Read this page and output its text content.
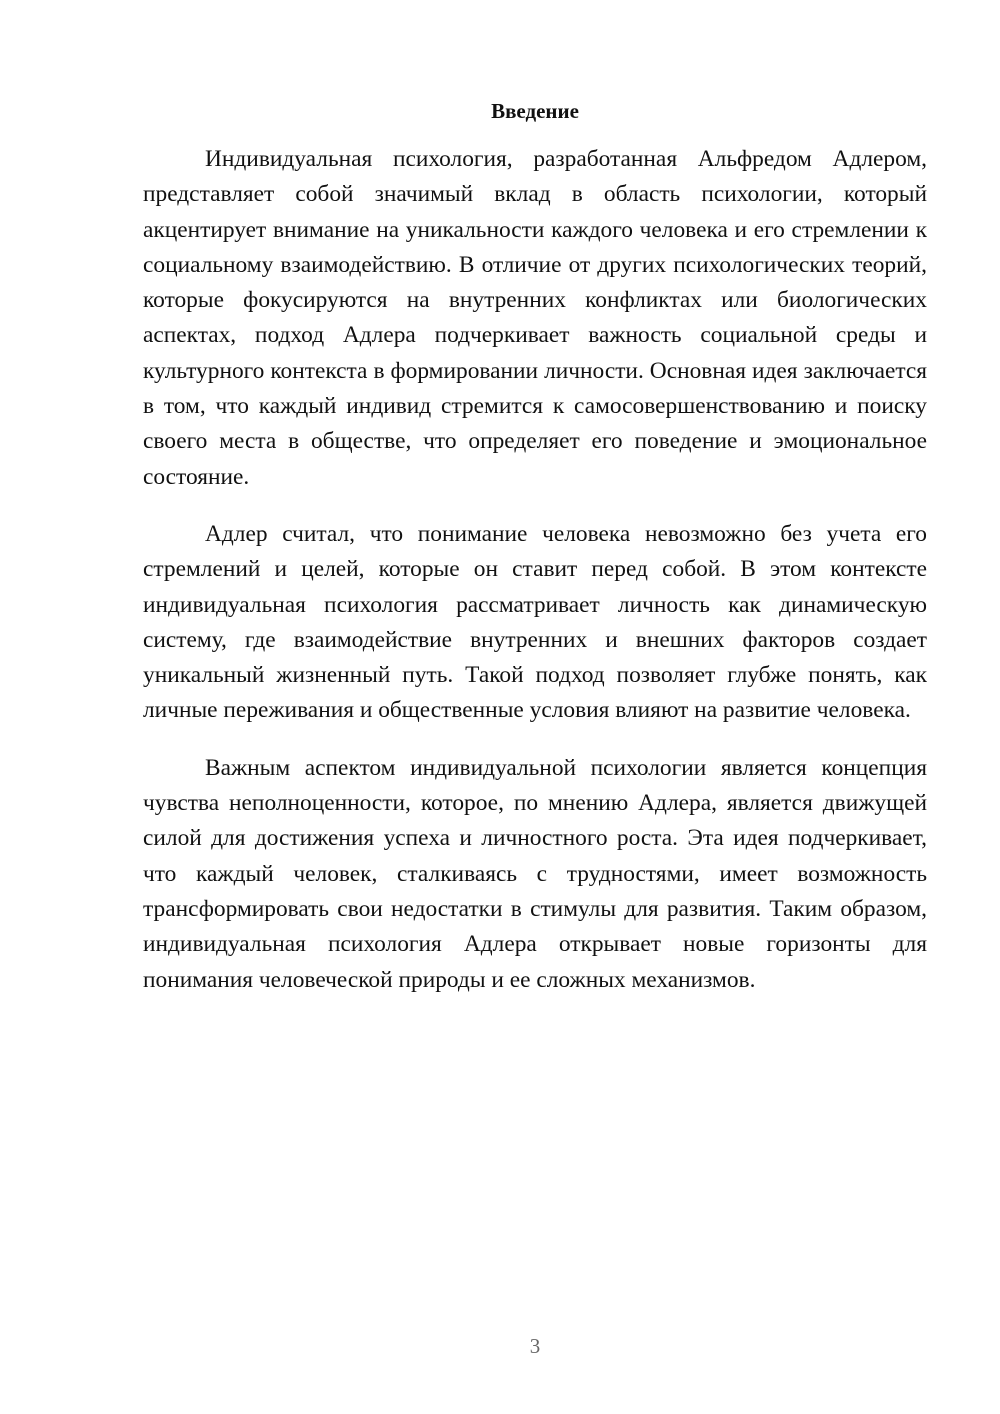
Введение

Индивидуальная психология, разработанная Альфредом Адлером, представляет собой значимый вклад в область психологии, который акцентирует внимание на уникальности каждого человека и его стремлении к социальному взаимодействию. В отличие от других психологических теорий, которые фокусируются на внутренних конфликтах или биологических аспектах, подход Адлера подчеркивает важность социальной среды и культурного контекста в формировании личности. Основная идея заключается в том, что каждый индивид стремится к самосовершенствованию и поиску своего места в обществе, что определяет его поведение и эмоциональное состояние.

Адлер считал, что понимание человека невозможно без учета его стремлений и целей, которые он ставит перед собой. В этом контексте индивидуальная психология рассматривает личность как динамическую систему, где взаимодействие внутренних и внешних факторов создает уникальный жизненный путь. Такой подход позволяет глубже понять, как личные переживания и общественные условия влияют на развитие человека.

Важным аспектом индивидуальной психологии является концепция чувства неполноценности, которое, по мнению Адлера, является движущей силой для достижения успеха и личностного роста. Эта идея подчеркивает, что каждый человек, сталкиваясь с трудностями, имеет возможность трансформировать свои недостатки в стимулы для развития. Таким образом, индивидуальная психология Адлера открывает новые горизонты для понимания человеческой природы и ее сложных механизмов.

3
